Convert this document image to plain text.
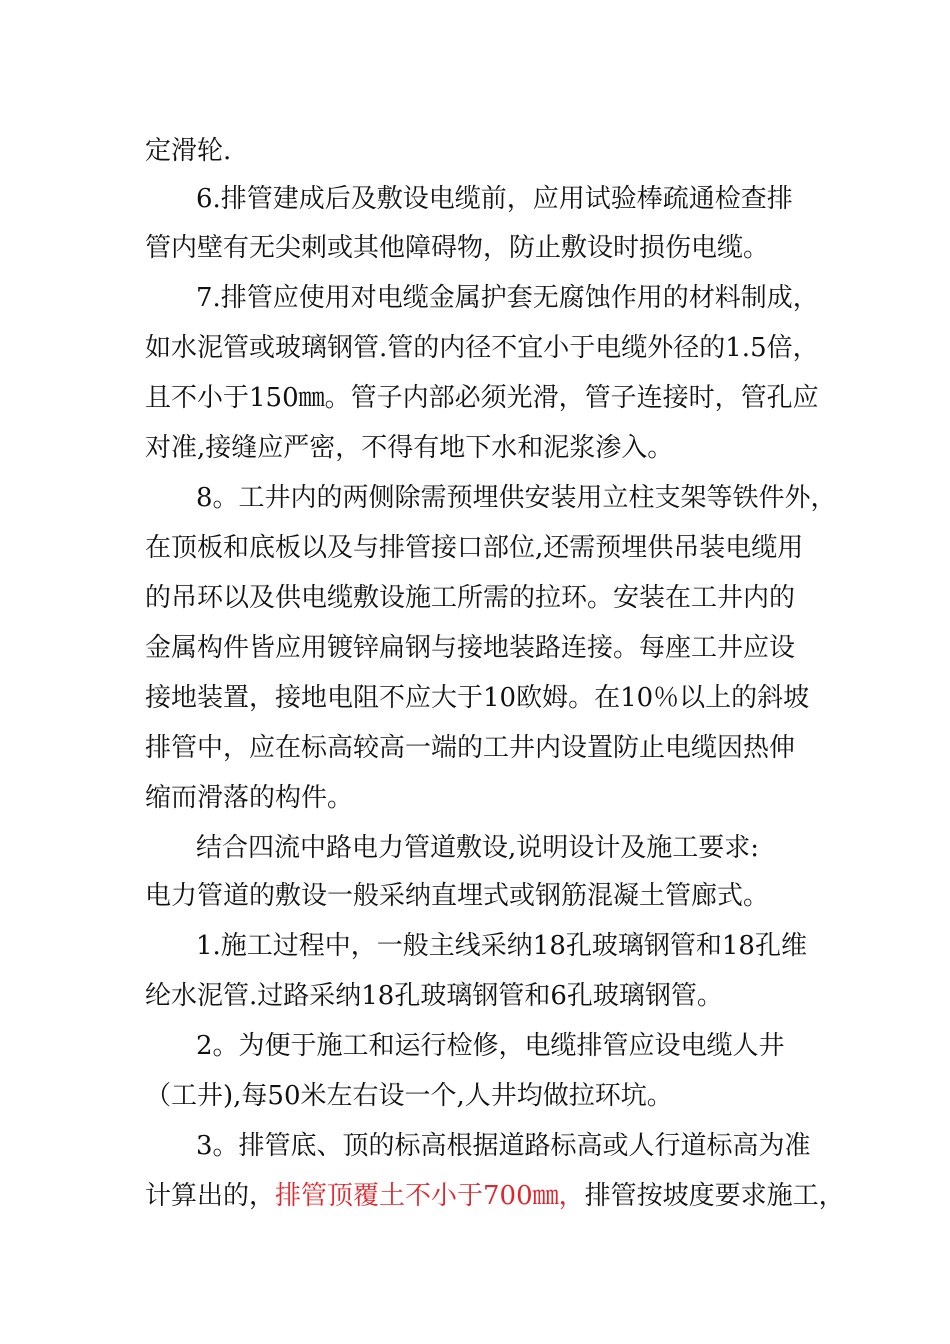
定滑轮.
6.排管建成后及敷设电缆前，应用试验棒疏通检查排
管内壁有无尖刺或其他障碍物，防止敷设时损伤电缆。
7.排管应使用对电缆金属护套无腐蚀作用的材料制成，
如水泥管或玻璃钢管.管的内径不宜小于电缆外径的1.5倍，
且不小于150㎜。管子内部必须光滑，管子连接时，管孔应
对准,接缝应严密，不得有地下水和泥浆渗入。
8。工井内的两侧除需预埋供安装用立柱支架等铁件外，
在顶板和底板以及与排管接口部位,还需预埋供吊装电缆用
的吊环以及供电缆敷设施工所需的拉环。安装在工井内的
金属构件皆应用镀锌扁钢与接地装路连接。每座工井应设
接地装置，接地电阻不应大于10欧姆。在10％以上的斜坡
排管中，应在标高较高一端的工井内设置防止电缆因热伸
缩而滑落的构件。
结合四流中路电力管道敷设,说明设计及施工要求:
电力管道的敷设一般采纳直埋式或钢筋混凝土管廊式。
1.施工过程中，一般主线采纳18孔玻璃钢管和18孔维
纶水泥管.过路采纳18孔玻璃钢管和6孔玻璃钢管。
2。为便于施工和运行检修，电缆排管应设电缆人井
（工井),每50米左右设一个,人井均做拉环坑。
3。排管底、顶的标高根据道路标高或人行道标高为准
计算出的，排管顶覆土不小于700㎜，排管按坡度要求施工，
